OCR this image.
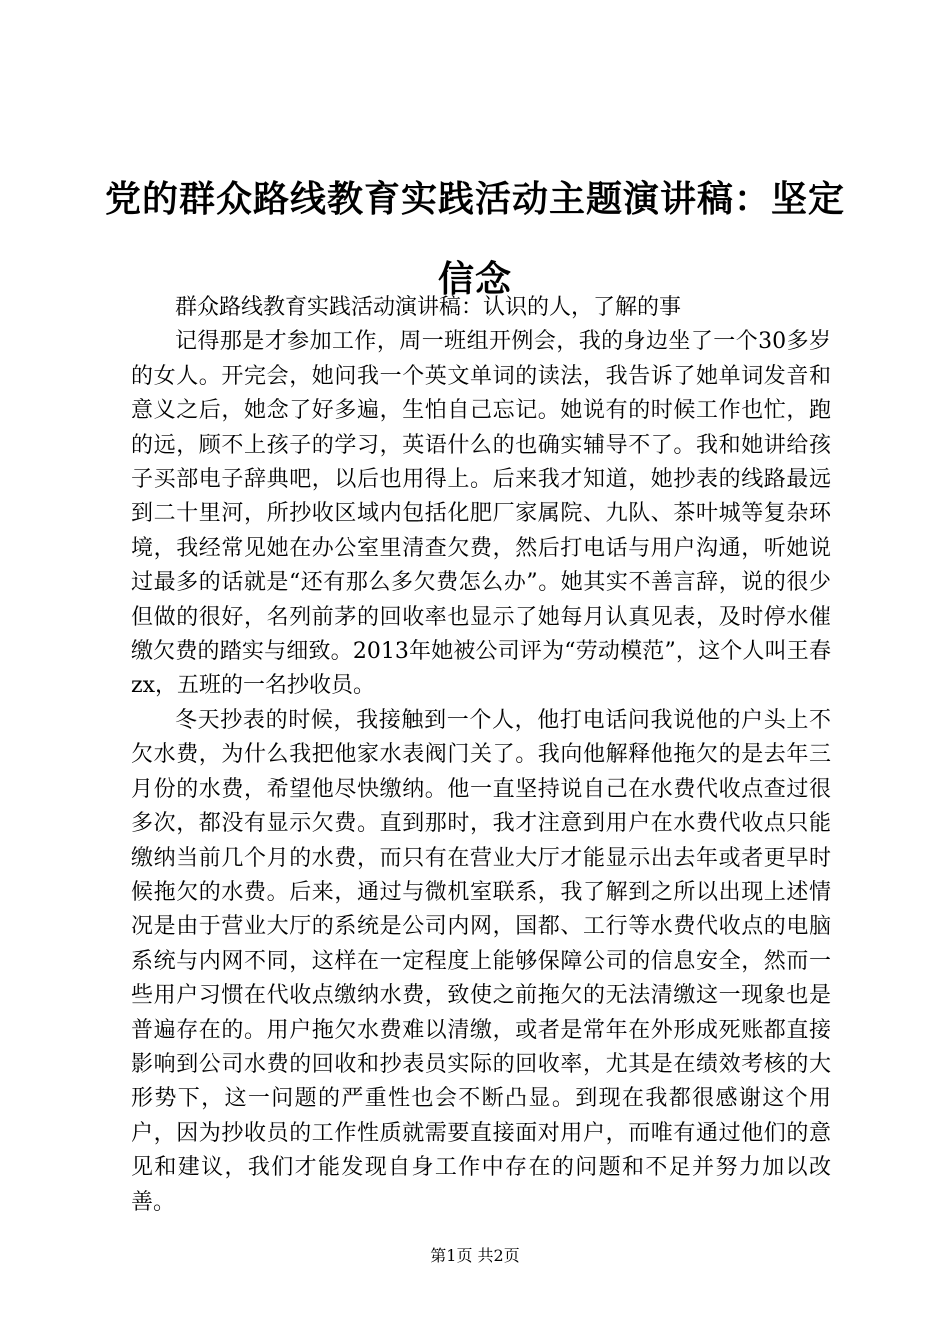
党的群众路线教育实践活动主题演讲稿：坚定信念

群众路线教育实践活动演讲稿：认识的人，了解的事

记得那是才参加工作，周一班组开例会，我的身边坐了一个30多岁的女人。开完会，她问我一个英文单词的读法，我告诉了她单词发音和意义之后，她念了好多遍，生怕自己忘记。她说有的时候工作也忙，跑的远，顾不上孩子的学习，英语什么的也确实辅导不了。我和她讲给孩子买部电子辞典吧，以后也用得上。后来我才知道，她抄表的线路最远到二十里河，所抄收区域内包括化肥厂家属院、九队、茶叶城等复杂环境，我经常见她在办公室里清查欠费，然后打电话与用户沟通，听她说过最多的话就是“还有那么多欠费怎么办”。她其实不善言辞，说的很少但做的很好，名列前茅的回收率也显示了她每月认真见表，及时停水催缴欠费的踏实与细致。2013年她被公司评为“劳动模范”，这个人叫王春zx，五班的一名抄收员。

冬天抄表的时候，我接触到一个人，他打电话问我说他的户头上不欠水费，为什么我把他家水表阀门关了。我向他解释他拖欠的是去年三月份的水费，希望他尽快缴纳。他一直坚持说自己在水费代收点查过很多次，都没有显示欠费。直到那时，我才注意到用户在水费代收点只能缴纳当前几个月的水费，而只有在营业大厅才能显示出去年或者更早时候拖欠的水费。后来，通过与微机室联系，我了解到之所以出现上述情况是由于营业大厅的系统是公司内网，国都、工行等水费代收点的电脑系统与内网不同，这样在一定程度上能够保障公司的信息安全，然而一些用户习惯在代收点缴纳水费，致使之前拖欠的无法清缴这一现象也是普遍存在的。用户拖欠水费难以清缴，或者是常年在外形成死账都直接影响到公司水费的回收和抄表员实际的回收率，尤其是在绩效考核的大形势下，这一问题的严重性也会不断凸显。到现在我都很感谢这个用户，因为抄收员的工作性质就需要直接面对用户，而唯有通过他们的意见和建议，我们才能发现自身工作中存在的问题和不足并努力加以改善。

第1页 共2页
